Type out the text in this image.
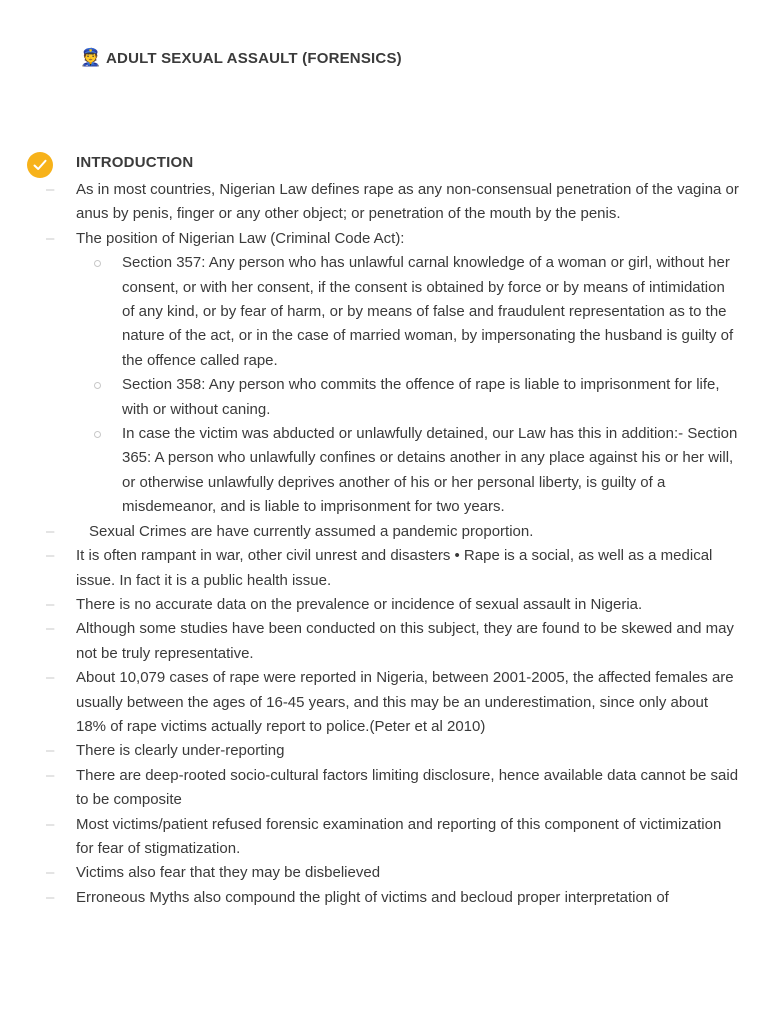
👮 ADULT SEXUAL ASSAULT (FORENSICS)
INTRODUCTION
– As in most countries, Nigerian Law defines rape as any non-consensual penetration of the vagina or anus by penis, finger or any other object; or penetration of the mouth by the penis.
– The position of Nigerian Law (Criminal Code Act):
Section 357: Any person who has unlawful carnal knowledge of a woman or girl, without her consent, or with her consent, if the consent is obtained by force or by means of intimidation of any kind, or by fear of harm, or by means of false and fraudulent representation as to the nature of the act, or in the case of married woman, by impersonating the husband is guilty of the offence called rape.
Section 358: Any person who commits the offence of rape is liable to imprisonment for life, with or without caning.
In case the victim was abducted or unlawfully detained, our Law has this in addition:- Section 365: A person who unlawfully confines or detains another in any place against his or her will, or otherwise unlawfully deprives another of his or her personal liberty, is guilty of a misdemeanor, and is liable to imprisonment for two years.
– Sexual Crimes are have currently assumed a pandemic proportion.
– It is often rampant in war, other civil unrest and disasters • Rape is a social, as well as a medical issue. In fact it is a public health issue.
– There is no accurate data on the prevalence or incidence of sexual assault in Nigeria.
– Although some studies have been conducted on this subject, they are found to be skewed and may not be truly representative.
– About 10,079 cases of rape were reported in Nigeria, between 2001-2005, the affected females are usually between the ages of 16-45 years, and this may be an underestimation, since only about 18% of rape victims actually report to police.(Peter et al 2010)
– There is clearly under-reporting
– There are deep-rooted socio-cultural factors limiting disclosure, hence available data cannot be said to be composite
– Most victims/patient refused forensic examination and reporting of this component of victimization for fear of stigmatization.
– Victims also fear that they may be disbelieved
– Erroneous Myths also compound the plight of victims and becloud proper interpretation of
